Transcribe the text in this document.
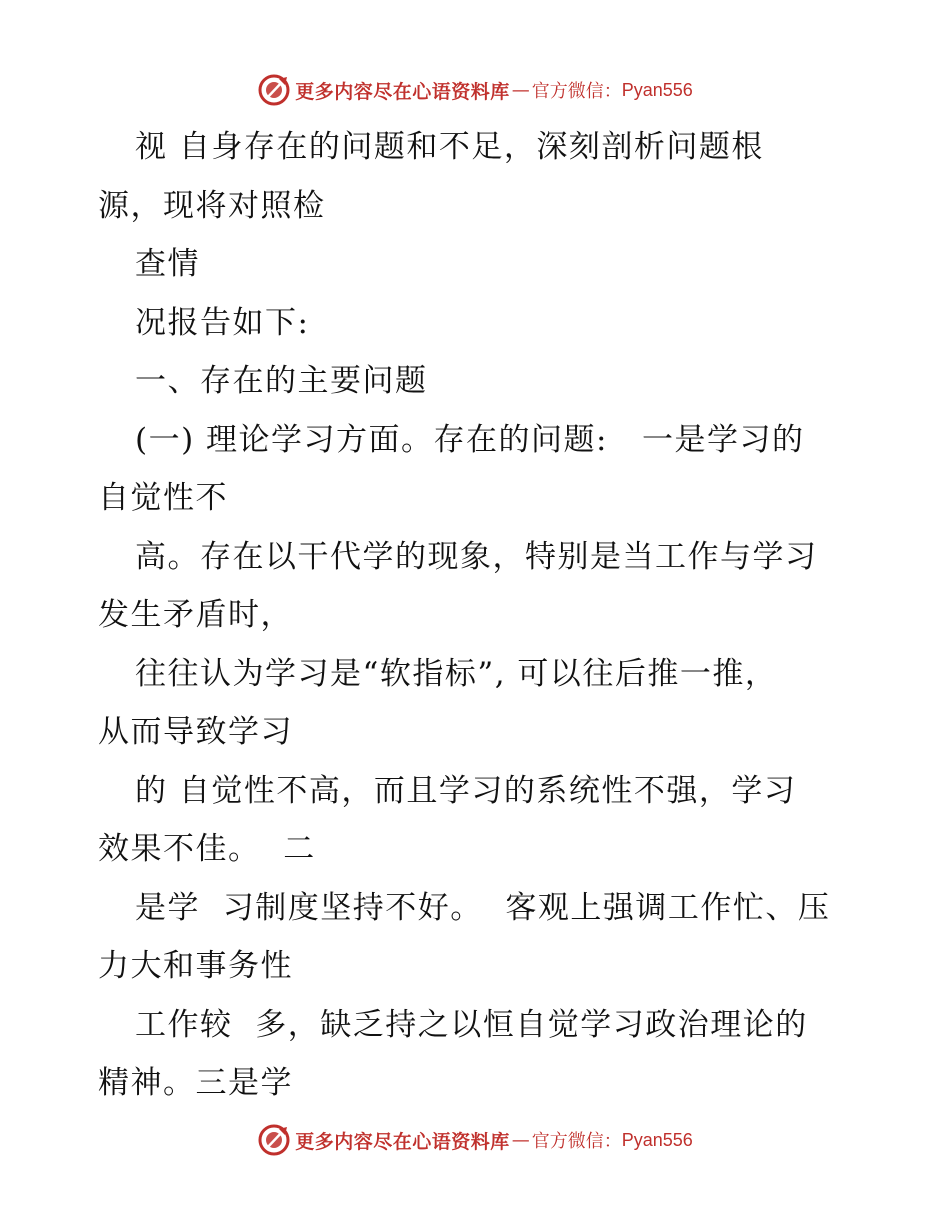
更多内容尽在心语资料库 — 官方微信： Pyan556
视 自身存在的问题和不足，深刻剖析问题根
源，现将对照检
查情
况报告如下:
一、存在的主要问题
(一) 理论学习方面。存在的问题:   一是学习的
自觉性不
高。存在以干代学的现象，特别是当工作与学习
发生矛盾时，
往往认为学习是“软指标”, 可以往后推一推，
从而导致学习
的 自觉性不高，而且学习的系统性不强，学习
效果不佳。  二
是学  习制度坚持不好。  客观上强调工作忙、压
力大和事务性
工作较  多，缺乏持之以恒自觉学习政治理论的
精神。三是学
更多内容尽在心语资料库 — 官方微信： Pyan556
